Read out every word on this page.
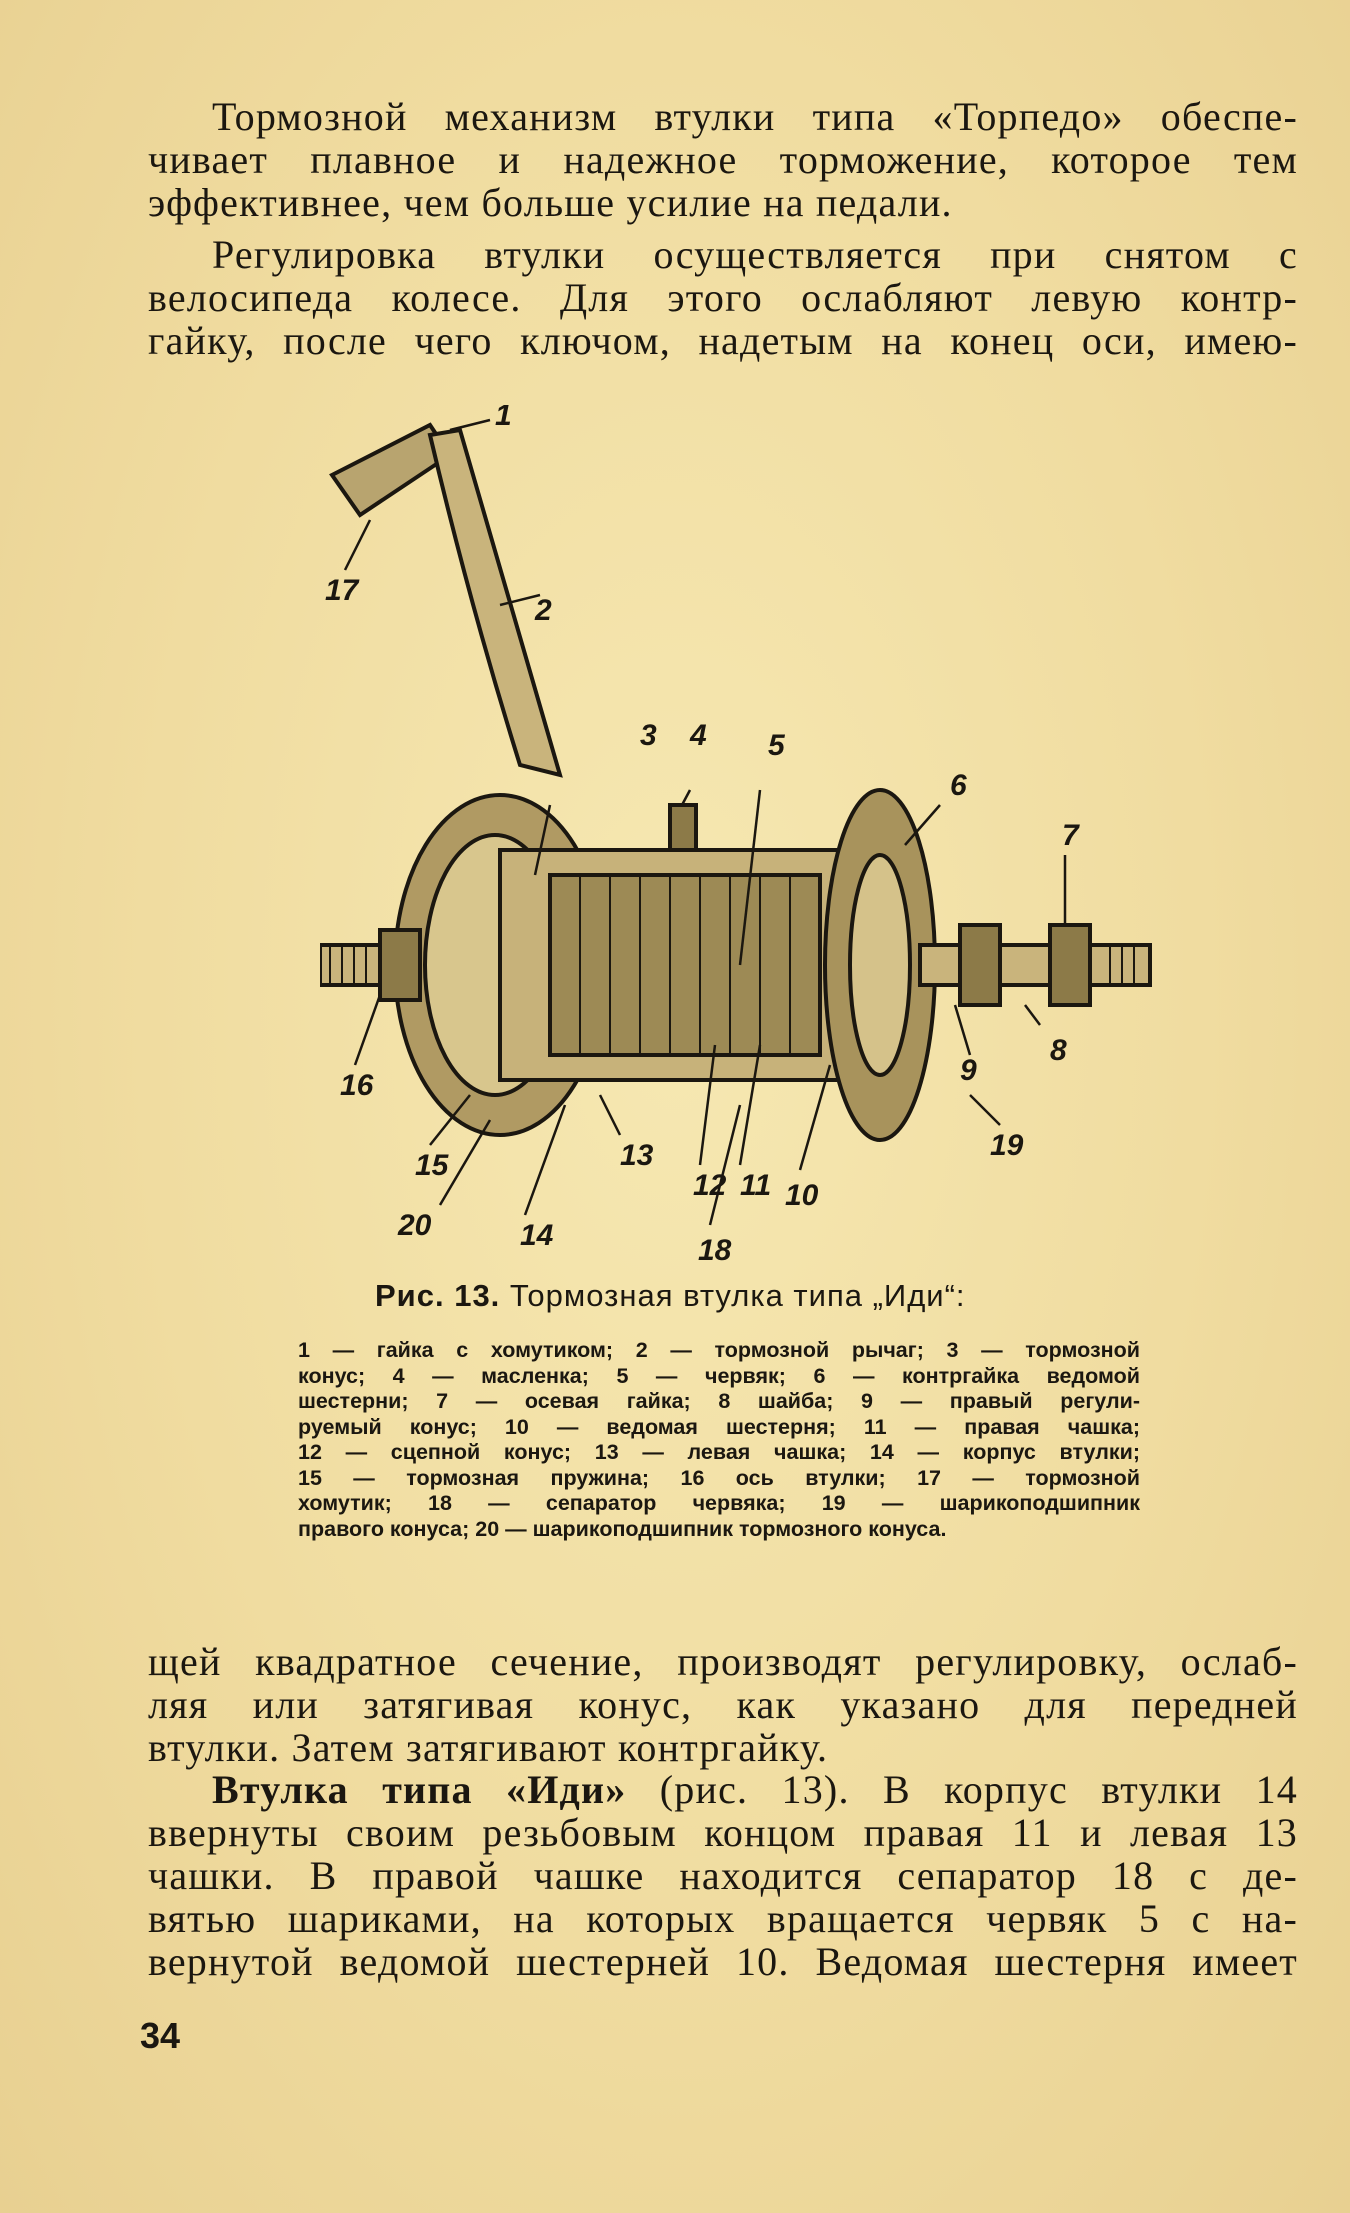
Тормозной механизм втулки типа «Торпедо» обеспе-
чивает плавное и надежное торможение, которое тем
эффективнее, чем больше усилие на педали.

Регулировка втулки осуществляется при снятом с
велосипеда колесе. Для этого ослабляют левую контр-
гайку, после чего ключом, надетым на конец оси, имею-

1
2
3 4 5
6
7
8
9
10
11
12
13
14
15
16
17
18
19
20
Рис. 13. Тормозная втулка типа „Иди“:
1 — гайка с хомутиком; 2 — тормозной рычаг; 3 — тормозной
конус; 4 — масленка; 5 — червяк; 6 — контргайка ведомой
шестерни; 7 — осевая гайка; 8 шайба; 9 — правый регули-
руемый конус; 10 — ведомая шестерня; 11 — правая чашка;
12 — сцепной конус; 13 — левая чашка; 14 — корпус втулки;
15 — тормозная пружина; 16 ось втулки; 17 — тормозной
хомутик; 18 — сепаратор червяка; 19 — шарикоподшипник
правого конуса; 20 — шарикоподшипник тормозного конуса.

щей квадратное сечение, производят регулировку, ослаб-
ляя или затягивая конус, как указано для передней
втулки. Затем затягивают контргайку.

Втулка типа «Иди» (рис. 13). В корпус втулки 14
ввернуты своим резьбовым концом правая 11 и левая 13
чашки. В правой чашке находится сепаратор 18 с де-
вятью шариками, на которых вращается червяк 5 с на-
вернутой ведомой шестерней 10. Ведомая шестерня имеет

34
